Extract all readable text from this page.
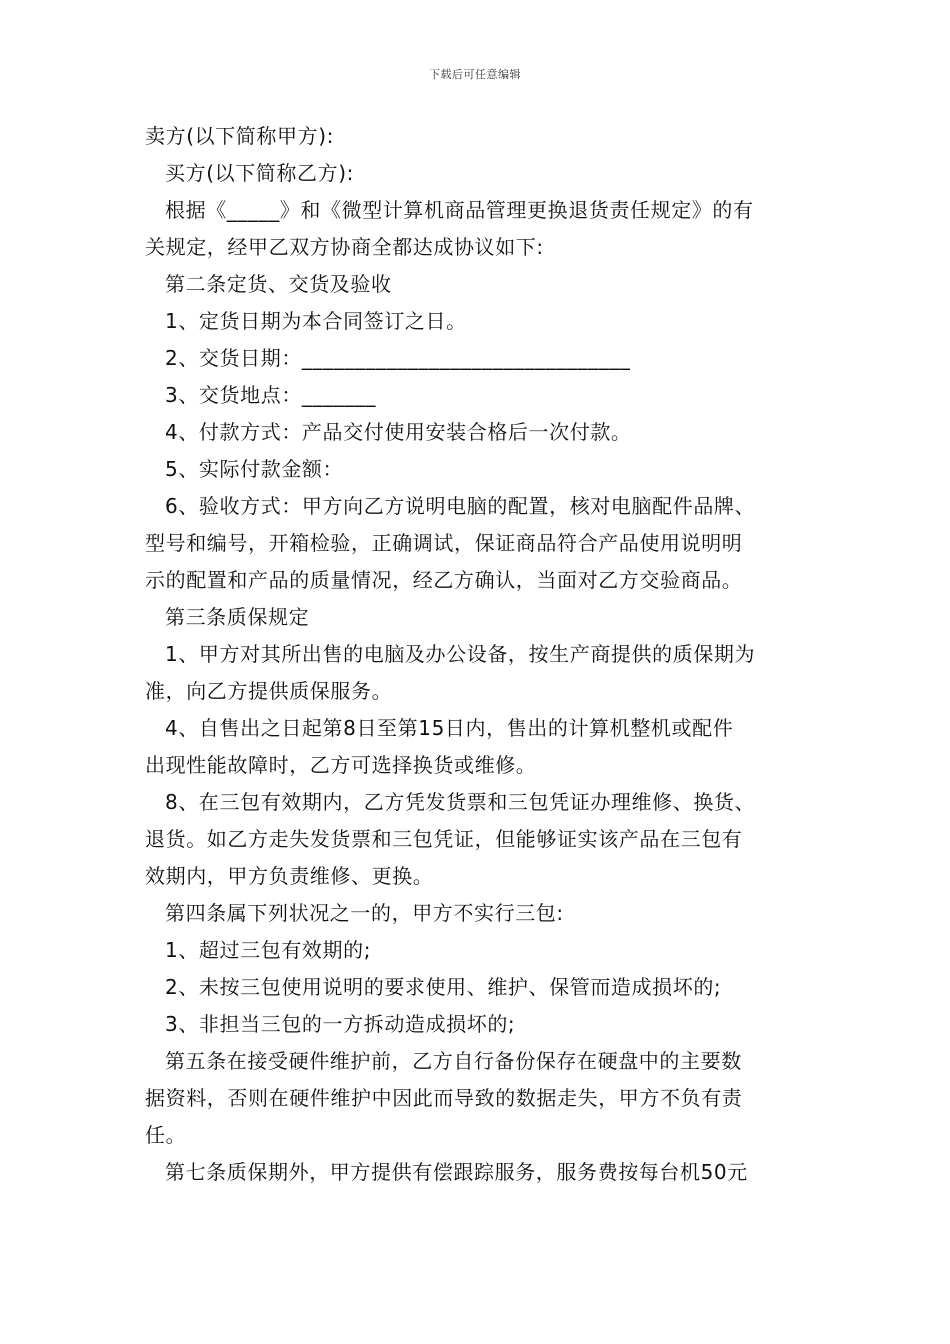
下载后可任意编辑
卖方(以下简称甲方):
买方(以下简称乙方):
根据《_____》和《微型计算机商品管理更换退货责任规定》的有
关规定，经甲乙双方协商全都达成协议如下:
第二条定货、交货及验收
1、定货日期为本合同签订之日。
2、交货日期：_______________________________
3、交货地点：_______
4、付款方式：产品交付使用安装合格后一次付款。
5、实际付款金额：
6、验收方式：甲方向乙方说明电脑的配置，核对电脑配件品牌、
型号和编号，开箱检验，正确调试，保证商品符合产品使用说明明
示的配置和产品的质量情况，经乙方确认，当面对乙方交验商品。
第三条质保规定
1、甲方对其所出售的电脑及办公设备，按生产商提供的质保期为
准，向乙方提供质保服务。
4、自售出之日起第8日至第15日内，售出的计算机整机或配件
出现性能故障时，乙方可选择换货或维修。
8、在三包有效期内，乙方凭发货票和三包凭证办理维修、换货、
退货。如乙方走失发货票和三包凭证，但能够证实该产品在三包有
效期内，甲方负责维修、更换。
第四条属下列状况之一的，甲方不实行三包:
1、超过三包有效期的;
2、未按三包使用说明的要求使用、维护、保管而造成损坏的;
3、非担当三包的一方拆动造成损坏的;
第五条在接受硬件维护前，乙方自行备份保存在硬盘中的主要数
据资料，否则在硬件维护中因此而导致的数据走失，甲方不负有责
任。
第七条质保期外，甲方提供有偿跟踪服务，服务费按每台机50元
